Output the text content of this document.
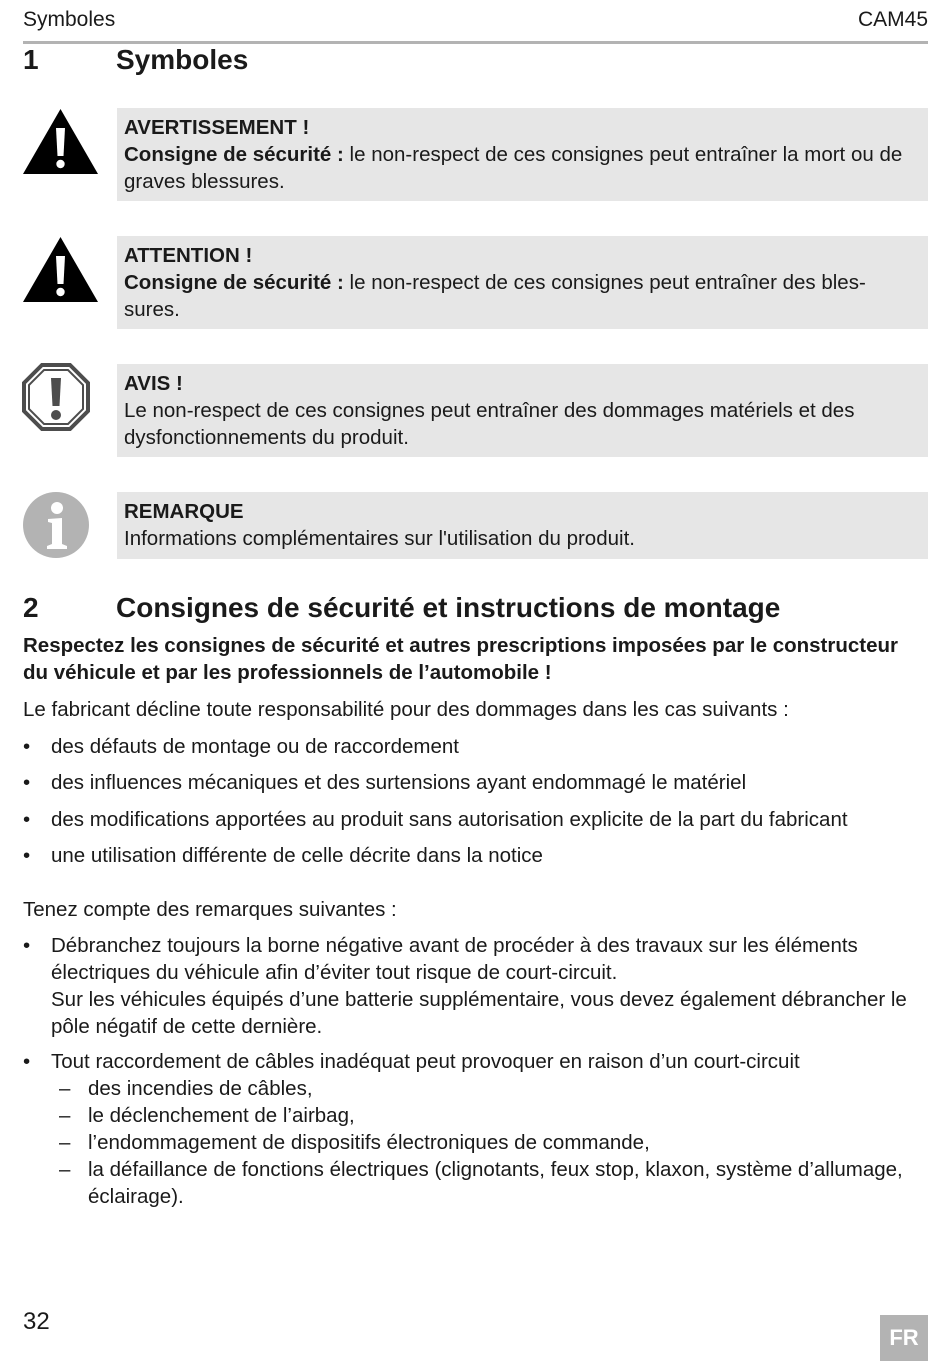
Symboles	CAM45
1	Symboles
AVERTISSEMENT !
Consigne de sécurité : le non-respect de ces consignes peut entraîner la mort ou de graves blessures.
ATTENTION !
Consigne de sécurité : le non-respect de ces consignes peut entraîner des bles-sures.
AVIS !
Le non-respect de ces consignes peut entraîner des dommages matériels et des dysfonctionnements du produit.
REMARQUE
Informations complémentaires sur l'utilisation du produit.
2	Consignes de sécurité et instructions de montage
Respectez les consignes de sécurité et autres prescriptions imposées par le constructeur du véhicule et par les professionnels de l’automobile !
Le fabricant décline toute responsabilité pour des dommages dans les cas suivants :
•	des défauts de montage ou de raccordement
•	des influences mécaniques et des surtensions ayant endommagé le matériel
•	des modifications apportées au produit sans autorisation explicite de la part du fabricant
•	une utilisation différente de celle décrite dans la notice
Tenez compte des remarques suivantes :
•	Débranchez toujours la borne négative avant de procéder à des travaux sur les éléments électriques du véhicule afin d’éviter tout risque de court-circuit.
Sur les véhicules équipés d’une batterie supplémentaire, vous devez également débrancher le pôle négatif de cette dernière.
•	Tout raccordement de câbles inadéquat peut provoquer en raison d’un court-circuit
– des incendies de câbles,
– le déclenchement de l’airbag,
– l’endommagement de dispositifs électroniques de commande,
– la défaillance de fonctions électriques (clignotants, feux stop, klaxon, système d’allumage, éclairage).
32
FR
